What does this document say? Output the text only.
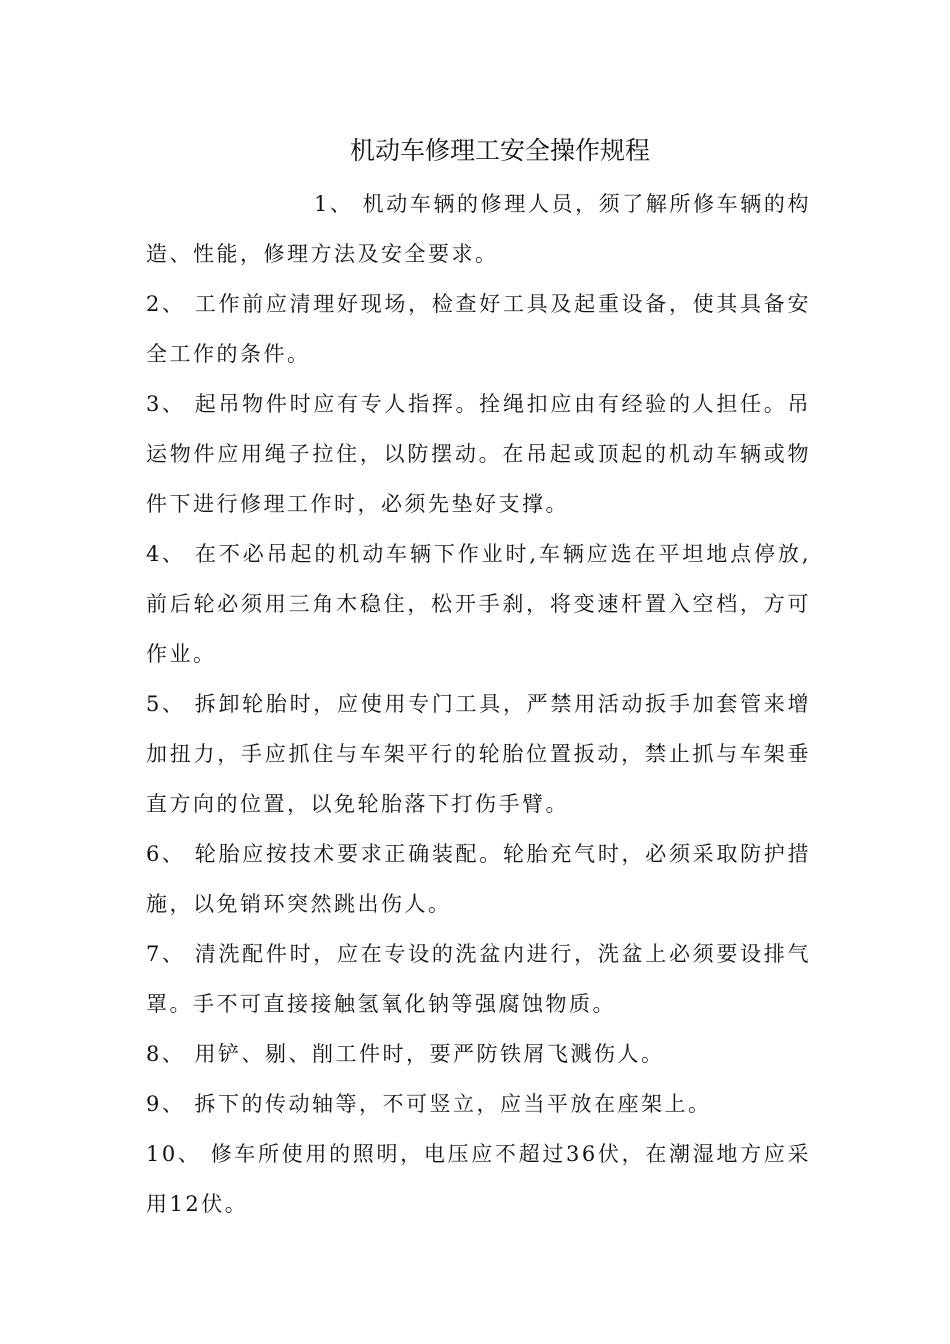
机动车修理工安全操作规程

1、 机动车辆的修理人员，须了解所修车辆的构造、性能，修理方法及安全要求。

2、 工作前应清理好现场，检查好工具及起重设备，使其具备安全工作的条件。

3、 起吊物件时应有专人指挥。拴绳扣应由有经验的人担任。吊运物件应用绳子拉住，以防摆动。在吊起或顶起的机动车辆或物件下进行修理工作时，必须先垫好支撑。

4、 在不必吊起的机动车辆下作业时,车辆应选在平坦地点停放,前后轮必须用三角木稳住，松开手刹，将变速杆置入空档，方可作业。

5、 拆卸轮胎时，应使用专门工具，严禁用活动扳手加套管来增加扭力，手应抓住与车架平行的轮胎位置扳动，禁止抓与车架垂直方向的位置，以免轮胎落下打伤手臂。

6、 轮胎应按技术要求正确装配。轮胎充气时，必须采取防护措施，以免销环突然跳出伤人。

7、 清洗配件时，应在专设的洗盆内进行，洗盆上必须要设排气罩。手不可直接接触氢氧化钠等强腐蚀物质。

8、 用铲、剔、削工件时，要严防铁屑飞溅伤人。

9、 拆下的传动轴等，不可竖立，应当平放在座架上。

10、 修车所使用的照明，电压应不超过36伏，在潮湿地方应采用12伏。
